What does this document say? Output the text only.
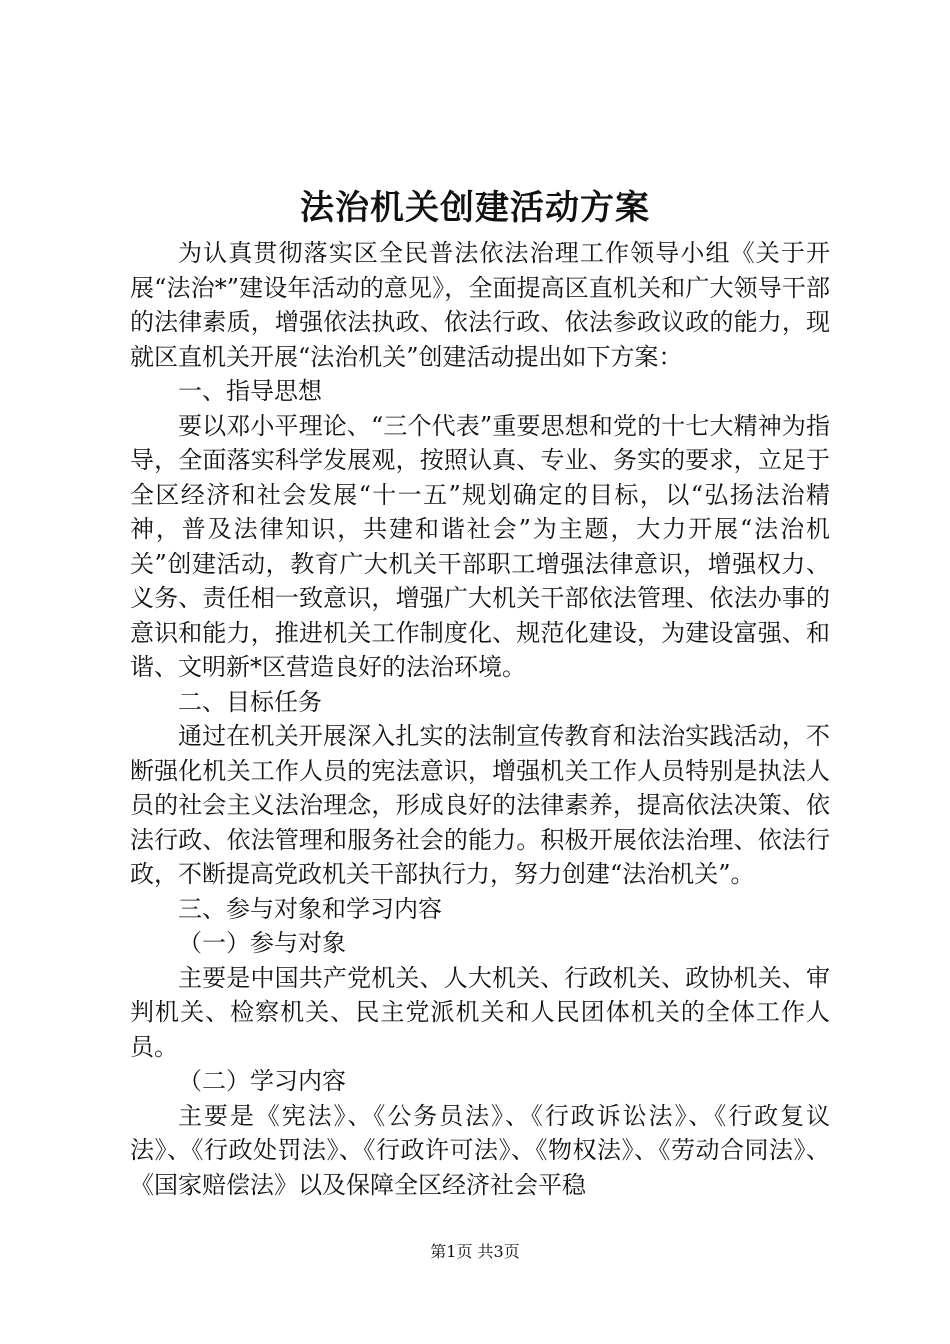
法治机关创建活动方案

为认真贯彻落实区全民普法依法治理工作领导小组《关于开展“法治*”建设年活动的意见》，全面提高区直机关和广大领导干部的法律素质，增强依法执政、依法行政、依法参政议政的能力，现就区直机关开展“法治机关”创建活动提出如下方案：

一、指导思想

要以邓小平理论、“三个代表”重要思想和党的十七大精神为指导，全面落实科学发展观，按照认真、专业、务实的要求，立足于全区经济和社会发展“十一五”规划确定的目标，以“弘扬法治精神，普及法律知识，共建和谐社会”为主题，大力开展“法治机关”创建活动，教育广大机关干部职工增强法律意识，增强权力、义务、责任相一致意识，增强广大机关干部依法管理、依法办事的意识和能力，推进机关工作制度化、规范化建设，为建设富强、和谐、文明新*区营造良好的法治环境。

二、目标任务

通过在机关开展深入扎实的法制宣传教育和法治实践活动，不断强化机关工作人员的宪法意识，增强机关工作人员特别是执法人员的社会主义法治理念，形成良好的法律素养，提高依法决策、依法行政、依法管理和服务社会的能力。积极开展依法治理、依法行政，不断提高党政机关干部执行力，努力创建“法治机关”。

三、参与对象和学习内容

（一）参与对象

主要是中国共产党机关、人大机关、行政机关、政协机关、审判机关、检察机关、民主党派机关和人民团体机关的全体工作人员。

（二）学习内容

主要是《宪法》、《公务员法》、《行政诉讼法》、《行政复议法》、《行政处罚法》、《行政许可法》、《物权法》、《劳动合同法》、《国家赔偿法》以及保障全区经济社会平稳

第1页 共3页
